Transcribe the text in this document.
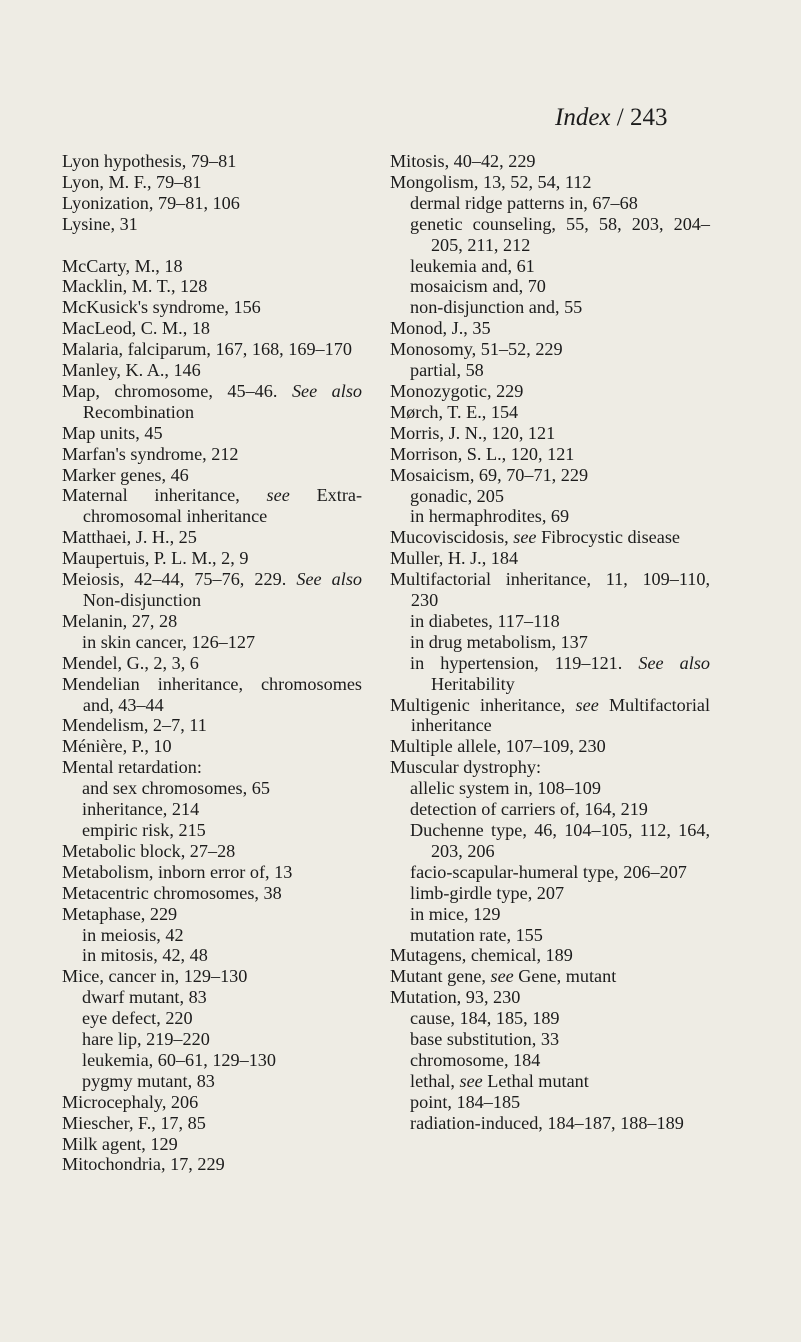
Index / 243
Lyon hypothesis, 79–81
Lyon, M. F., 79–81
Lyonization, 79–81, 106
Lysine, 31
McCarty, M., 18
Macklin, M. T., 128
McKusick's syndrome, 156
MacLeod, C. M., 18
Malaria, falciparum, 167, 168, 169–170
Manley, K. A., 146
Map, chromosome, 45–46. See also Recombination
Map units, 45
Marfan's syndrome, 212
Marker genes, 46
Maternal inheritance, see Extra-chromosomal inheritance
Matthaei, J. H., 25
Maupertuis, P. L. M., 2, 9
Meiosis, 42–44, 75–76, 229. See also Non-disjunction
Melanin, 27, 28
in skin cancer, 126–127
Mendel, G., 2, 3, 6
Mendelian inheritance, chromosomes and, 43–44
Mendelism, 2–7, 11
Ménière, P., 10
Mental retardation:
and sex chromosomes, 65
inheritance, 214
empiric risk, 215
Metabolic block, 27–28
Metabolism, inborn error of, 13
Metacentric chromosomes, 38
Metaphase, 229
in meiosis, 42
in mitosis, 42, 48
Mice, cancer in, 129–130
dwarf mutant, 83
eye defect, 220
hare lip, 219–220
leukemia, 60–61, 129–130
pygmy mutant, 83
Microcephaly, 206
Miescher, F., 17, 85
Milk agent, 129
Mitochondria, 17, 229
Mitosis, 40–42, 229
Mongolism, 13, 52, 54, 112
dermal ridge patterns in, 67–68
genetic counseling, 55, 58, 203, 204–205, 211, 212
leukemia and, 61
mosaicism and, 70
non-disjunction and, 55
Monod, J., 35
Monosomy, 51–52, 229
partial, 58
Monozygotic, 229
Mørch, T. E., 154
Morris, J. N., 120, 121
Morrison, S. L., 120, 121
Mosaicism, 69, 70–71, 229
gonadic, 205
in hermaphrodites, 69
Mucoviscidosis, see Fibrocystic disease
Muller, H. J., 184
Multifactorial inheritance, 11, 109–110, 230
in diabetes, 117–118
in drug metabolism, 137
in hypertension, 119–121. See also Heritability
Multigenic inheritance, see Multifactorial inheritance
Multiple allele, 107–109, 230
Muscular dystrophy:
allelic system in, 108–109
detection of carriers of, 164, 219
Duchenne type, 46, 104–105, 112, 164, 203, 206
facio-scapular-humeral type, 206–207
limb-girdle type, 207
in mice, 129
mutation rate, 155
Mutagens, chemical, 189
Mutant gene, see Gene, mutant
Mutation, 93, 230
cause, 184, 185, 189
base substitution, 33
chromosome, 184
lethal, see Lethal mutant
point, 184–185
radiation-induced, 184–187, 188–189
